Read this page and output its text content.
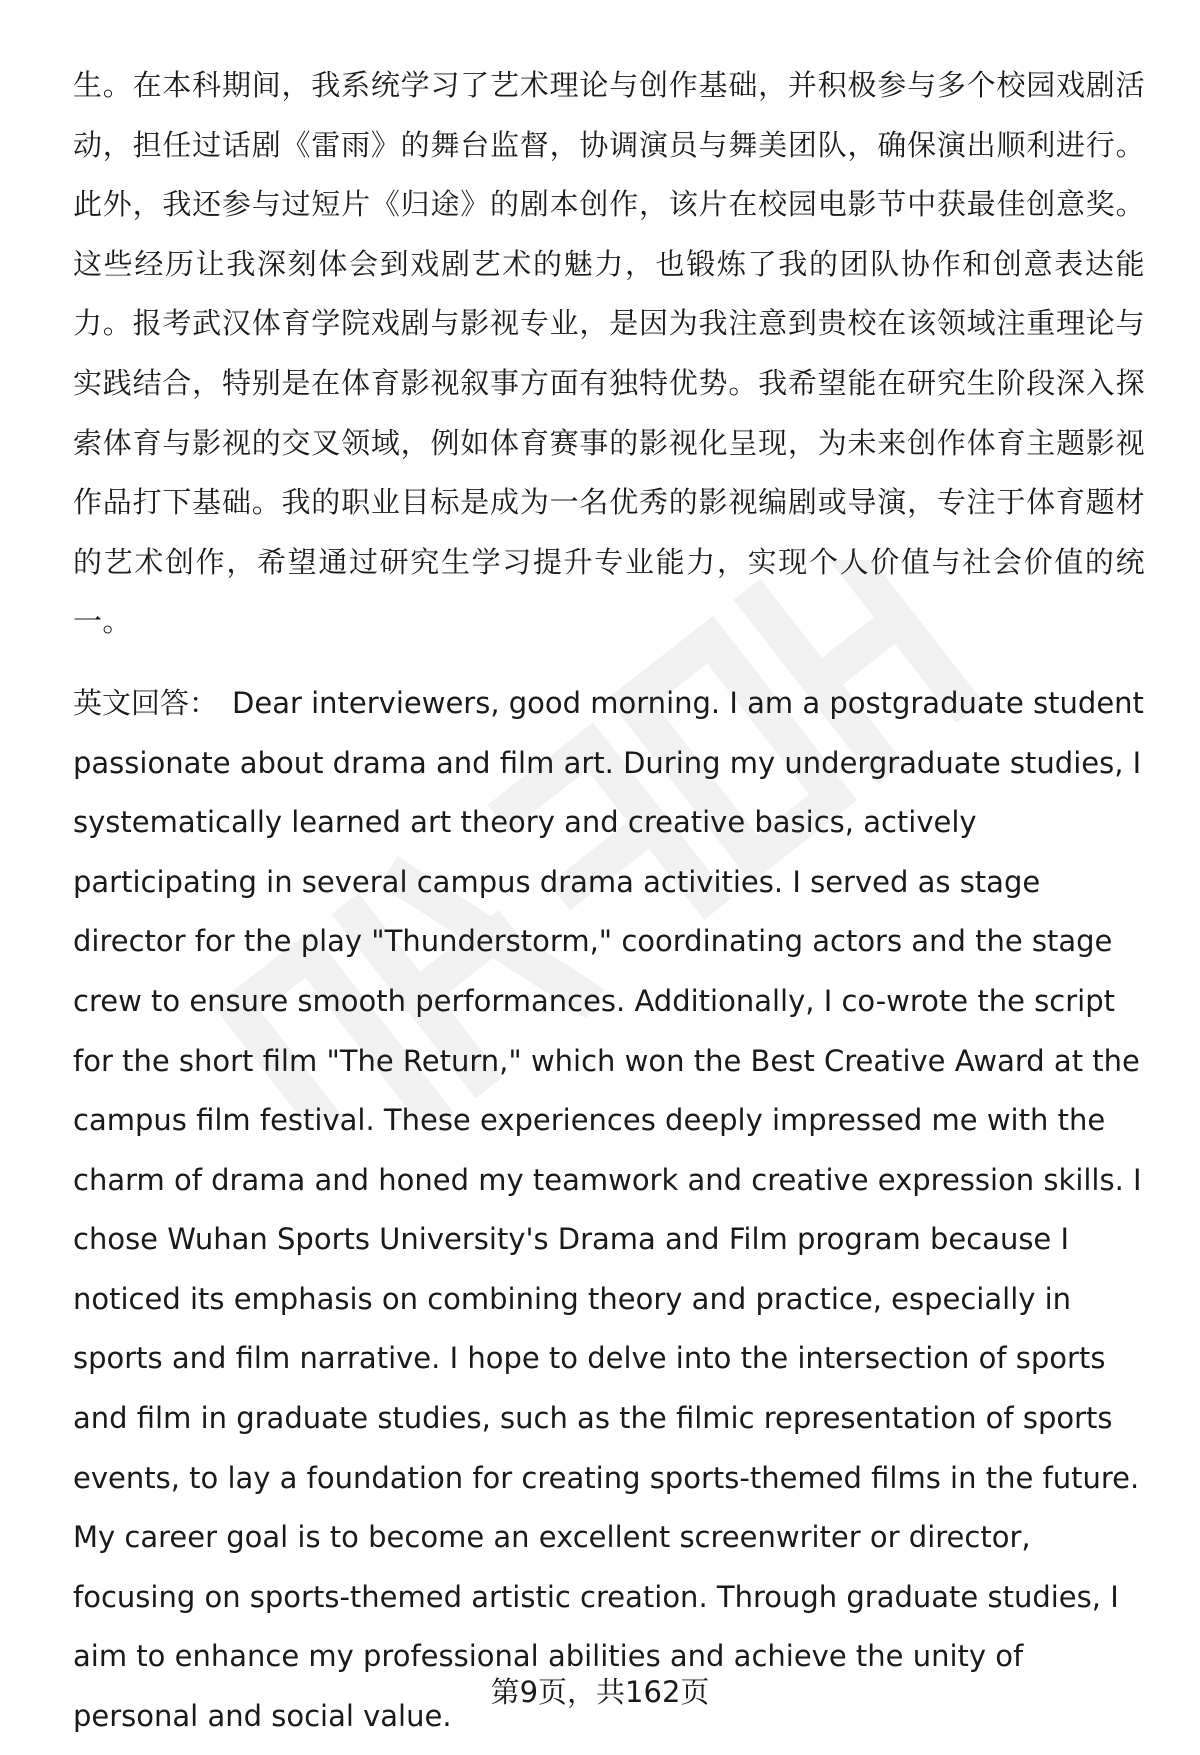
生。在本科期间，我系统学习了艺术理论与创作基础，并积极参与多个校园戏剧活动，担任过话剧《雷雨》的舞台监督，协调演员与舞美团队，确保演出顺利进行。此外，我还参与过短片《归途》的剧本创作，该片在校园电影节中获最佳创意奖。这些经历让我深刻体会到戏剧艺术的魅力，也锻炼了我的团队协作和创意表达能力。报考武汉体育学院戏剧与影视专业，是因为我注意到贵校在该领域注重理论与实践结合，特别是在体育影视叙事方面有独特优势。我希望能在研究生阶段深入探索体育与影视的交叉领域，例如体育赛事的影视化呈现，为未来创作体育主题影视作品打下基础。我的职业目标是成为一名优秀的影视编剧或导演，专注于体育题材的艺术创作，希望通过研究生学习提升专业能力，实现个人价值与社会价值的统一。

英文回答： Dear interviewers, good morning. I am a postgraduate student passionate about drama and film art. During my undergraduate studies, I systematically learned art theory and creative basics, actively participating in several campus drama activities. I served as stage director for the play "Thunderstorm," coordinating actors and the stage crew to ensure smooth performances. Additionally, I co-wrote the script for the short film "The Return," which won the Best Creative Award at the campus film festival. These experiences deeply impressed me with the charm of drama and honed my teamwork and creative expression skills. I chose Wuhan Sports University's Drama and Film program because I noticed its emphasis on combining theory and practice, especially in sports and film narrative. I hope to delve into the intersection of sports and film in graduate studies, such as the filmic representation of sports events, to lay a foundation for creating sports-themed films in the future. My career goal is to become an excellent screenwriter or director, focusing on sports-themed artistic creation. Through graduate studies, I aim to enhance my professional abilities and achieve the unity of personal and social value.

第9页，共162页
